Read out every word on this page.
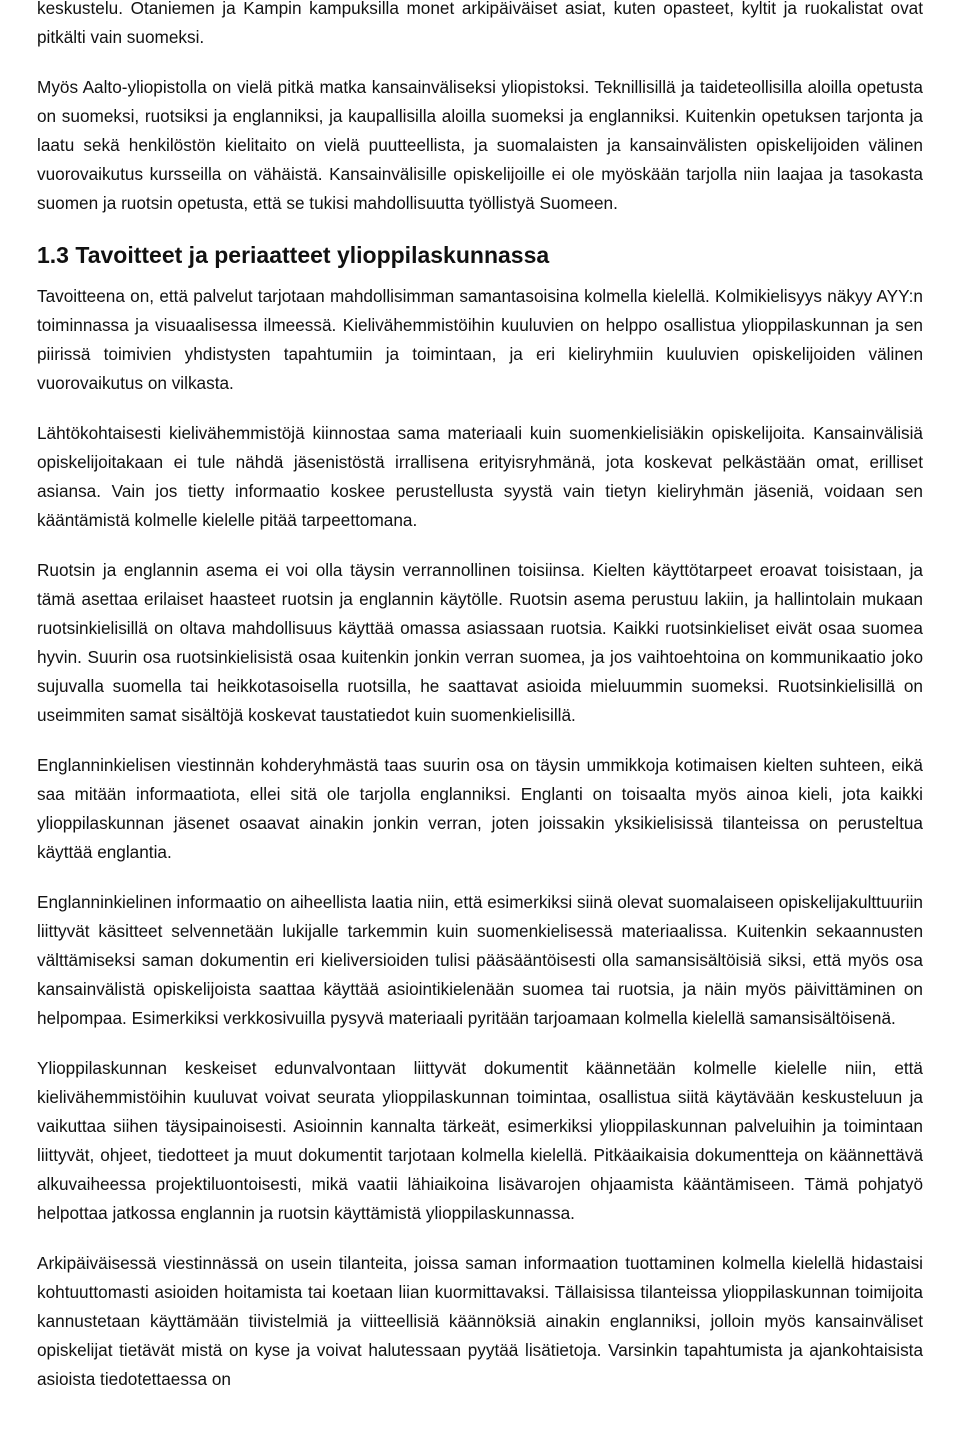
keskustelu. Otaniemen ja Kampin kampuksilla monet arkipäiväiset asiat, kuten opasteet, kyltit ja ruokalistat ovat pitkälti vain suomeksi.

Myös Aalto-yliopistolla on vielä pitkä matka kansainväliseksi yliopistoksi. Teknillisillä ja taideteollisilla aloilla opetusta on suomeksi, ruotsiksi ja englanniksi, ja kaupallisilla aloilla suomeksi ja englanniksi. Kuitenkin opetuksen tarjonta ja laatu sekä henkilöstön kielitaito on vielä puutteellista, ja suomalaisten ja kansainvälisten opiskelijoiden välinen vuorovaikutus kursseilla on vähäistä. Kansainvälisille opiskelijoille ei ole myöskään tarjolla niin laajaa ja tasokasta suomen ja ruotsin opetusta, että se tukisi mahdollisuutta työllistyä Suomeen.

1.3 Tavoitteet ja periaatteet ylioppilaskunnassa

Tavoitteena on, että palvelut tarjotaan mahdollisimman samantasoisina kolmella kielellä. Kolmikielisyys näkyy AYY:n toiminnassa ja visuaalisessa ilmeessä. Kielivähemmistöihin kuuluvien on helppo osallistua ylioppilaskunnan ja sen piirissä toimivien yhdistysten tapahtumiin ja toimintaan, ja eri kieliryhmiin kuuluvien opiskelijoiden välinen vuorovaikutus on vilkasta.

Lähtökohtaisesti kielivähemmistöjä kiinnostaa sama materiaali kuin suomenkielisiäkin opiskelijoita. Kansainvälisiä opiskelijoitakaan ei tule nähdä jäsenistöstä irrallisena erityisryhmänä, jota koskevat pelkästään omat, erilliset asiansa. Vain jos tietty informaatio koskee perustellusta syystä vain tietyn kieliryhmän jäseniä, voidaan sen kääntämistä kolmelle kielelle pitää tarpeettomana.

Ruotsin ja englannin asema ei voi olla täysin verrannollinen toisiinsa. Kielten käyttötarpeet eroavat toisistaan, ja tämä asettaa erilaiset haasteet ruotsin ja englannin käytölle. Ruotsin asema perustuu lakiin, ja hallintolain mukaan ruotsinkielisillä on oltava mahdollisuus käyttää omassa asiassaan ruotsia. Kaikki ruotsinkieliset eivät osaa suomea hyvin. Suurin osa ruotsinkielisistä osaa kuitenkin jonkin verran suomea, ja jos vaihtoehtoina on kommunikaatio joko sujuvalla suomella tai heikkotasoisella ruotsilla, he saattavat asioida mieluummin suomeksi. Ruotsinkielisillä on useimmiten samat sisältöjä koskevat taustatiedot kuin suomenkielisillä.

Englanninkielisen viestinnän kohderyhmästä taas suurin osa on täysin ummikkoja kotimaisen kielten suhteen, eikä saa mitään informaatiota, ellei sitä ole tarjolla englanniksi. Englanti on toisaalta myös ainoa kieli, jota kaikki ylioppilaskunnan jäsenet osaavat ainakin jonkin verran, joten joissakin yksikielisissä tilanteissa on perusteltua käyttää englantia.

Englanninkielinen informaatio on aiheellista laatia niin, että esimerkiksi siinä olevat suomalaiseen opiskelijakulttuuriin liittyvät käsitteet selvennetään lukijalle tarkemmin kuin suomenkielisessä materiaalissa. Kuitenkin sekaannusten välttämiseksi saman dokumentin eri kieliversioiden tulisi pääsääntöisesti olla samansisältöisiä siksi, että myös osa kansainvälistä opiskelijoista saattaa käyttää asiointikielenään suomea tai ruotsia, ja näin myös päivittäminen on helpompaa. Esimerkiksi verkkosivuilla pysyvä materiaali pyritään tarjoamaan kolmella kielellä samansisältöisenä.

Ylioppilaskunnan keskeiset edunvalvontaan liittyvät dokumentit käännetään kolmelle kielelle niin, että kielivähemmistöihin kuuluvat voivat seurata ylioppilaskunnan toimintaa, osallistua siitä käytävään keskusteluun ja vaikuttaa siihen täysipainoisesti. Asioinnin kannalta tärkeät, esimerkiksi ylioppilaskunnan palveluihin ja toimintaan liittyvät, ohjeet, tiedotteet ja muut dokumentit tarjotaan kolmella kielellä. Pitkäaikaisia dokumentteja on käännettävä alkuvaiheessa projektiluontoisesti, mikä vaatii lähiaikoina lisävarojen ohjaamista kääntämiseen. Tämä pohjatyö helpottaa jatkossa englannin ja ruotsin käyttämistä ylioppilaskunnassa.

Arkipäiväisessä viestinnässä on usein tilanteita, joissa saman informaation tuottaminen kolmella kielellä hidastaisi kohtuuttomasti asioiden hoitamista tai koetaan liian kuormittavaksi. Tällaisissa tilanteissa ylioppilaskunnan toimijoita kannustetaan käyttämään tiivistelmiä ja viitteellisiä käännöksiä ainakin englanniksi, jolloin myös kansainväliset opiskelijat tietävät mistä on kyse ja voivat halutessaan pyytää lisätietoja. Varsinkin tapahtumista ja ajankohtaisista asioista tiedotettaessa on
